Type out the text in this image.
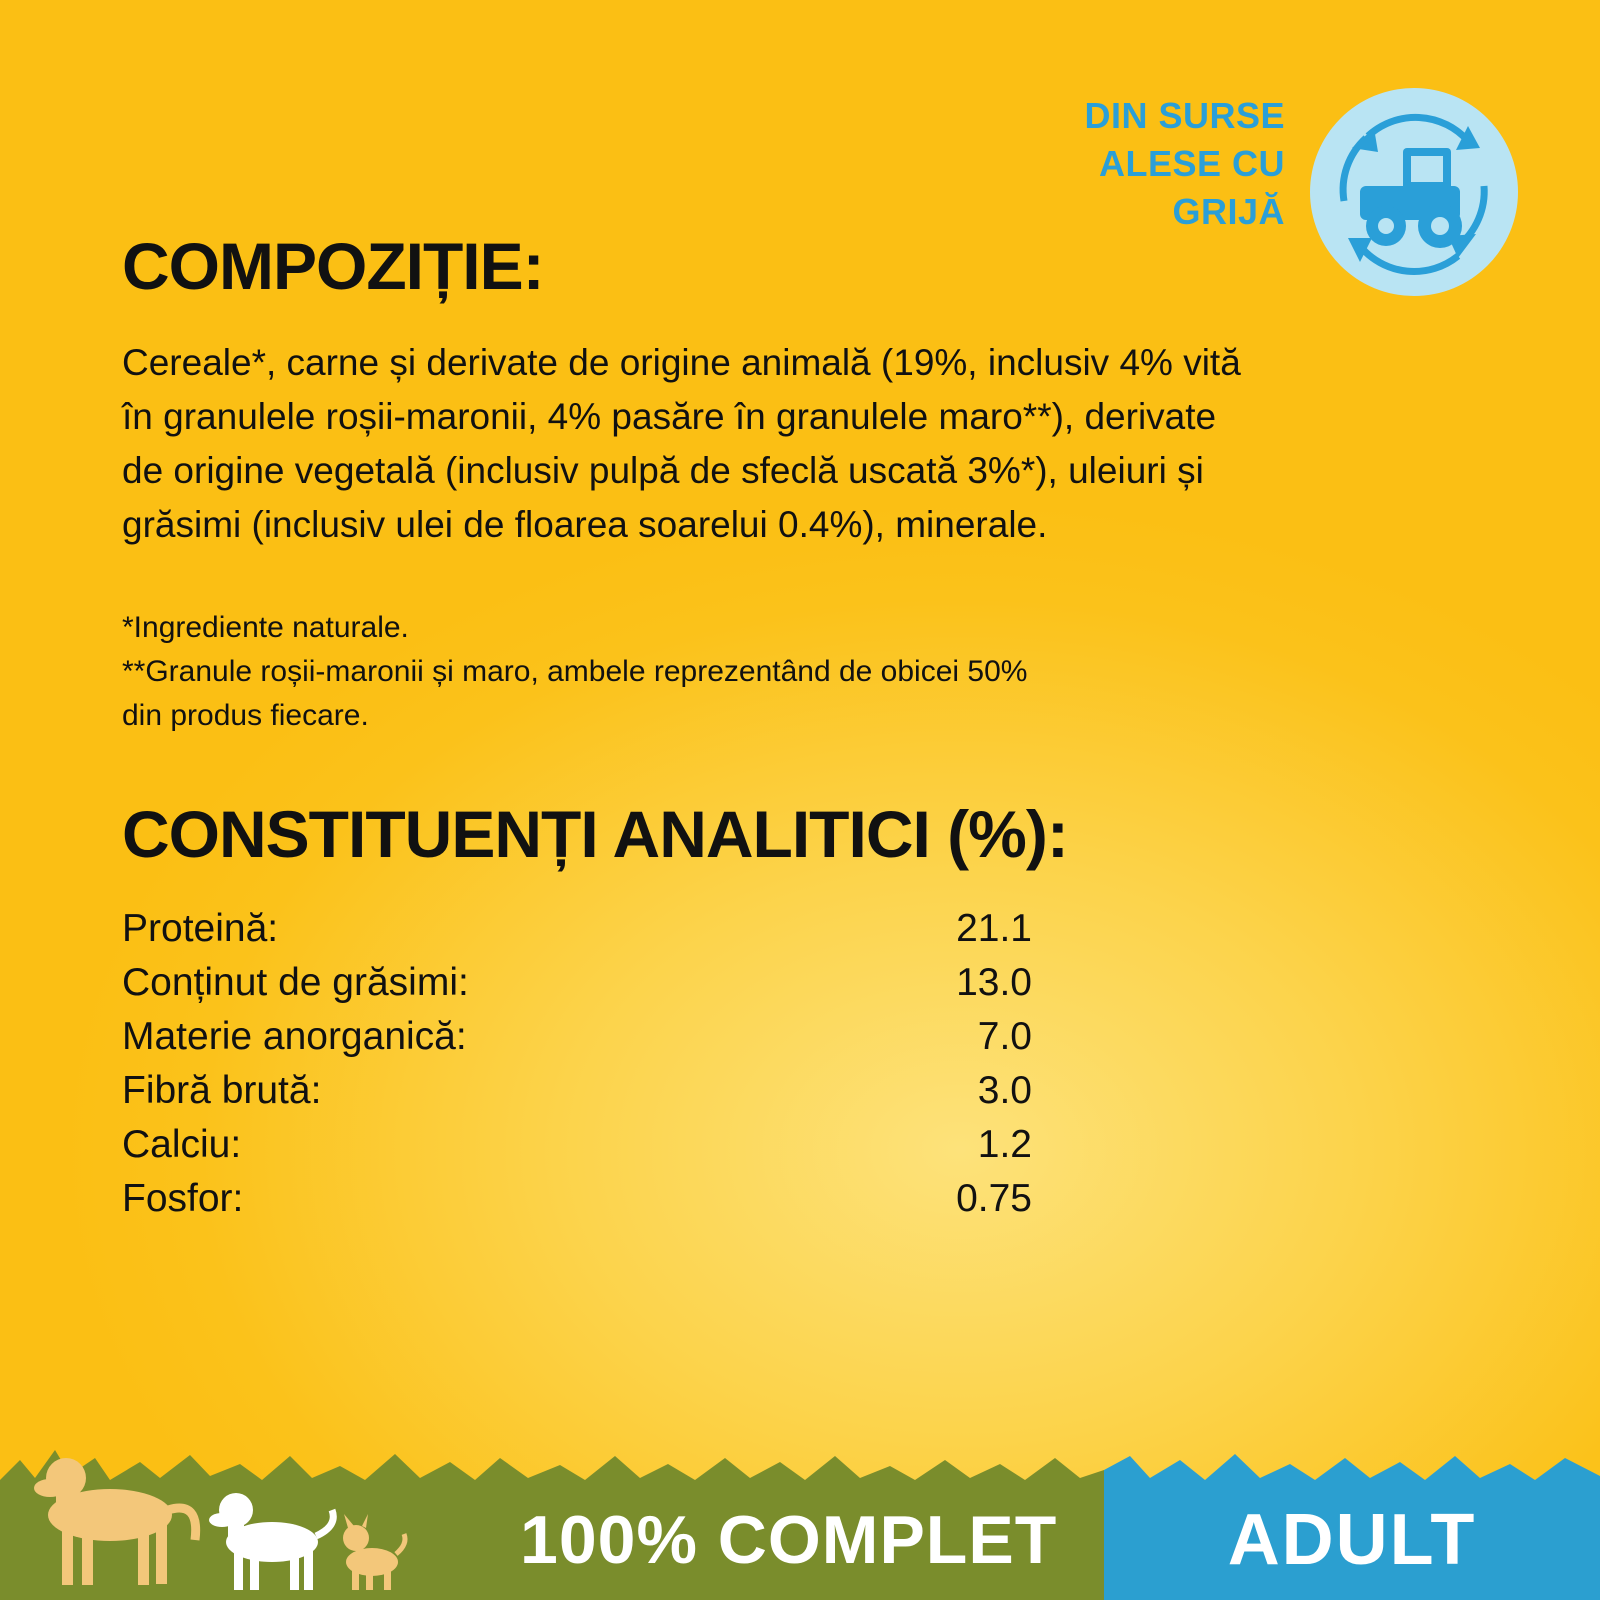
DIN SURSE
ALESE CU
GRIJĂ
COMPOZIȚIE:
Cereale*, carne și derivate de origine animală (19%, inclusiv 4% vită
în granulele roșii-maronii, 4% pasăre în granulele maro**), derivate
de origine vegetală (inclusiv pulpă de sfeclă uscată 3%*), uleiuri și
grăsimi (inclusiv ulei de floarea soarelui 0.4%), minerale.
*Ingrediente naturale.
**Granule roșii-maronii și maro, ambele reprezentând de obicei 50%
din produs fiecare.
CONSTITUENȚI ANALITICI (%):
Proteină:	21.1
Conținut de grăsimi:	13.0
Materie anorganică:	7.0
Fibră brută:	3.0
Calciu:	1.2
Fosfor:	0.75
100% COMPLET	ADULT
